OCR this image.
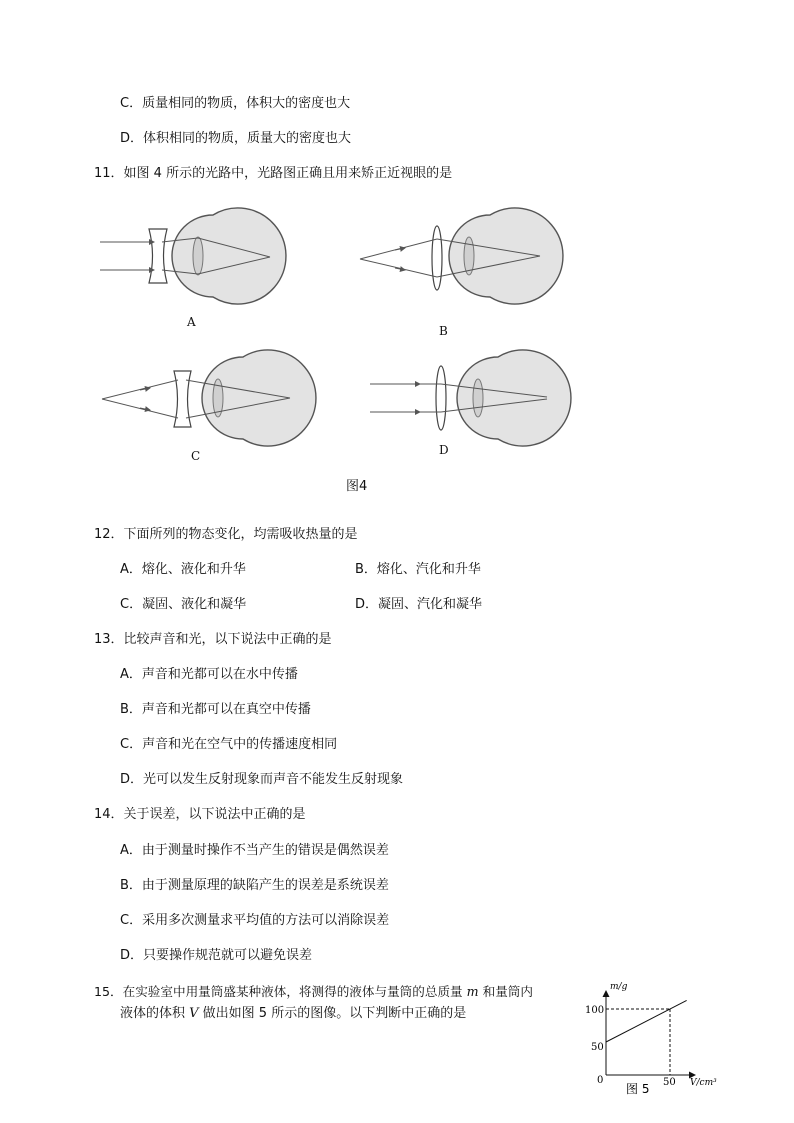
C．质量相同的物质，体积大的密度也大
D．体积相同的物质，质量大的密度也大
11．如图 4 所示的光路中，光路图正确且用来矫正近视眼的是
A
B
C	D
图4
12．下面所列的物态变化，均需吸收热量的是
A．熔化、液化和升华	B．熔化、汽化和升华
C．凝固、液化和凝华	D．凝固、汽化和凝华
13．比较声音和光，以下说法中正确的是
A．声音和光都可以在水中传播
B．声音和光都可以在真空中传播
C．声音和光在空气中的传播速度相同
D．光可以发生反射现象而声音不能发生反射现象
14．关于误差，以下说法中正确的是
A．由于测量时操作不当产生的错误是偶然误差
B．由于测量原理的缺陷产生的误差是系统误差
C．采用多次测量求平均值的方法可以消除误差
D．只要操作规范就可以避免误差
15．在实验室中用量筒盛某种液体，将测得的液体与量筒的总质量 m 和量筒内
液体的体积 V 做出如图 5 所示的图像。以下判断中正确的是
m/g
V/cm³
100
50
0	50
图 5
